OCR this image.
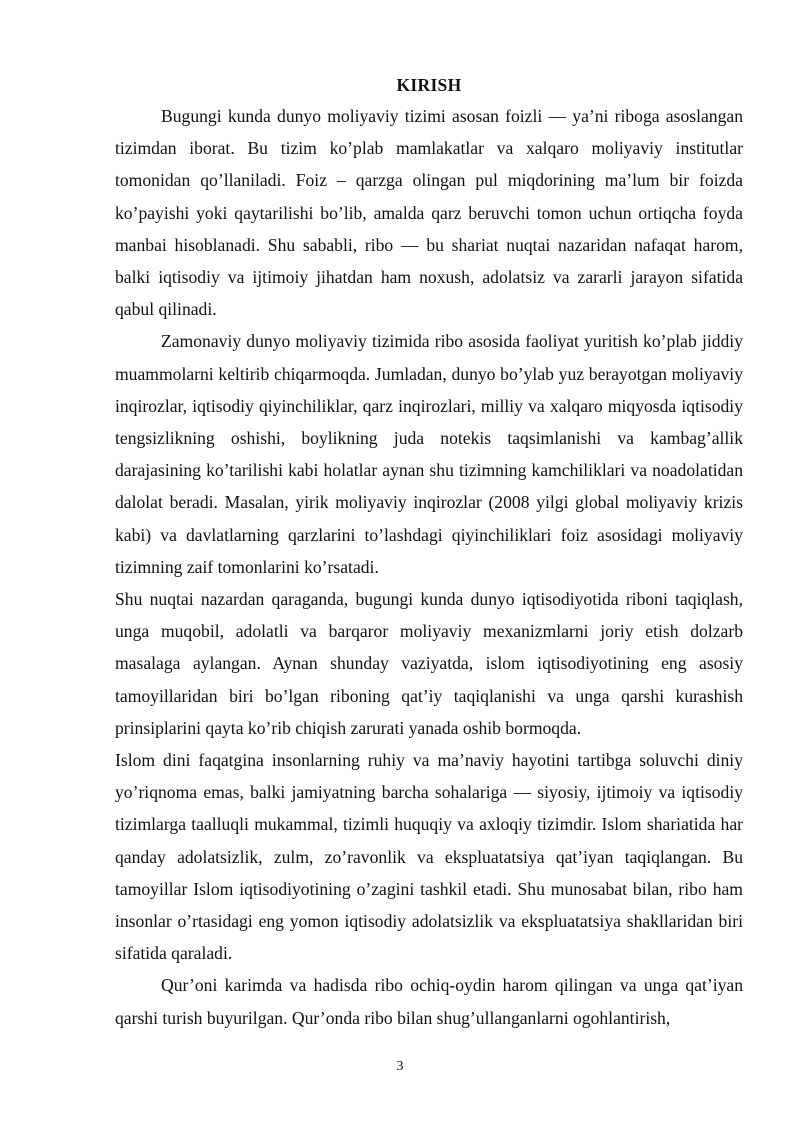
KIRISH

Bugungi kunda dunyo moliyaviy tizimi asosan foizli — ya’ni riboga asoslangan tizimdan iborat. Bu tizim ko’plab mamlakatlar va xalqaro moliyaviy institutlar tomonidan qo’llaniladi. Foiz – qarzga olingan pul miqdorining ma’lum bir foizda ko’payishi yoki qaytarilishi bo’lib, amalda qarz beruvchi tomon uchun ortiqcha foyda manbai hisoblanadi. Shu sababli, ribo — bu shariat nuqtai nazaridan nafaqat harom, balki iqtisodiy va ijtimoiy jihatdan ham noxush, adolatsiz va zararli jarayon sifatida qabul qilinadi.

Zamonaviy dunyo moliyaviy tizimida ribo asosida faoliyat yuritish ko’plab jiddiy muammolarni keltirib chiqarmoqda. Jumladan, dunyo bo’ylab yuz berayotgan moliyaviy inqirozlar, iqtisodiy qiyinchiliklar, qarz inqirozlari, milliy va xalqaro miqyosda iqtisodiy tengsizlikning oshishi, boylikning juda notekis taqsimlanishi va kambag’allik darajasining ko’tarilishi kabi holatlar aynan shu tizimning kamchiliklari va noadolatidan dalolat beradi. Masalan, yirik moliyaviy inqirozlar (2008 yilgi global moliyaviy krizis kabi) va davlatlarning qarzlarini to’lashdagi qiyinchiliklari foiz asosidagi moliyaviy tizimning zaif tomonlarini ko’rsatadi.

Shu nuqtai nazardan qaraganda, bugungi kunda dunyo iqtisodiyotida riboni taqiqlash, unga muqobil, adolatli va barqaror moliyaviy mexanizmlarni joriy etish dolzarb masalaga aylangan. Aynan shunday vaziyatda, islom iqtisodiyotining eng asosiy tamoyillaridan biri bo’lgan riboning qat’iy taqiqlanishi va unga qarshi kurashish prinsiplarini qayta ko’rib chiqish zarurati yanada oshib bormoqda.

Islom dini faqatgina insonlarning ruhiy va ma’naviy hayotini tartibga soluvchi diniy yo’riqnoma emas, balki jamiyatning barcha sohalariga — siyosiy, ijtimoiy va iqtisodiy tizimlarga taalluqli mukammal, tizimli huquqiy va axloqiy tizimdir. Islom shariatida har qanday adolatsizlik, zulm, zo’ravonlik va ekspluatatsiya qat’iyan taqiqlangan. Bu tamoyillar Islom iqtisodiyotining o’zagini tashkil etadi. Shu munosabat bilan, ribo ham insonlar o’rtasidagi eng yomon iqtisodiy adolatsizlik va ekspluatatsiya shakllaridan biri sifatida qaraladi.

Qur’oni karimda va hadisda ribo ochiq-oydin harom qilingan va unga qat’iyan qarshi turish buyurilgan. Qur’onda ribo bilan shug’ullanganlarni ogohlantirish,

3
